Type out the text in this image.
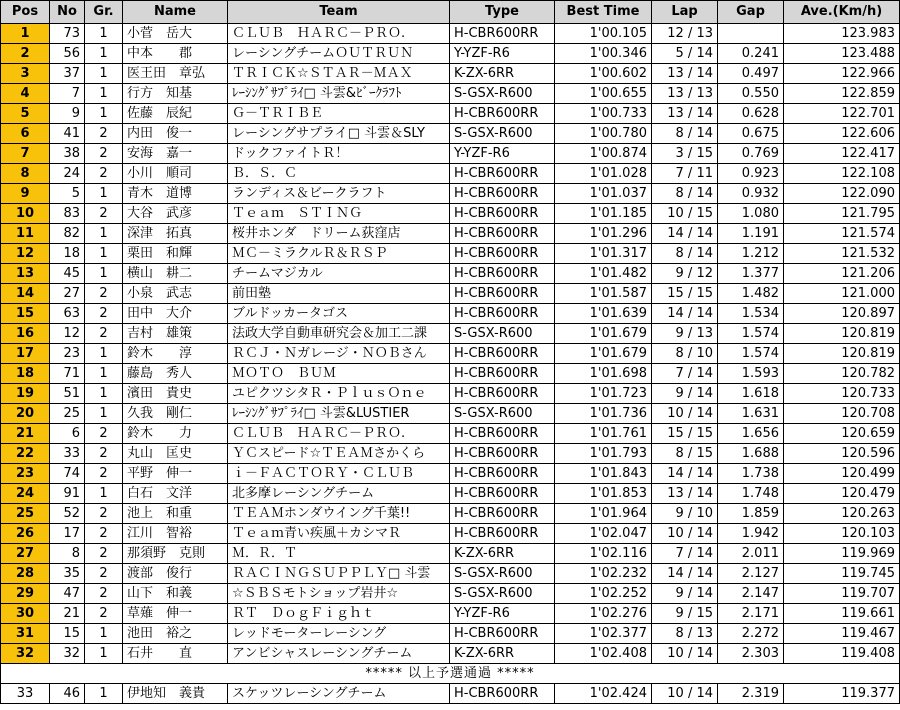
Pos	No	Gr.	Name	Team	Type	Best Time	Lap	Gap	Ave.(Km/h)
1	73	1	小菅　岳大	ＣＬＵＢ　ＨＡＲＣ－ＰＲＯ.	H-CBR600RR	1'00.105	12 / 13		123.983
2	56	1	中本　　郡	レーシングチームＯＵＴＲＵＮ	Y-YZF-R6	1'00.346	5 / 14	0.241	123.488
3	37	1	医王田　章弘	ＴＲＩＣＫ☆ＳＴＡＲ－ＭＡＸ	K-ZX-6RR	1'00.602	13 / 14	0.497	122.966
4	7	1	行方　知基	ﾚｰｼﾝｸﾞｻﾌﾟﾗｲ□ 斗雲&ﾋﾞｰｸﾗﾌﾄ	S-GSX-R600	1'00.655	13 / 13	0.550	122.859
5	9	1	佐藤　辰紀	Ｇ－ＴＲＩＢＥ	H-CBR600RR	1'00.733	13 / 14	0.628	122.701
6	41	2	内田　俊一	レーシングサプライ□ 斗雲＆SLY	S-GSX-R600	1'00.780	8 / 14	0.675	122.606
7	38	2	安海　嘉一	ドックファイトＲ！	Y-YZF-R6	1'00.874	3 / 15	0.769	122.417
8	24	2	小川　順司	Ｂ．Ｓ．Ｃ	H-CBR600RR	1'01.028	7 / 11	0.923	122.108
9	5	1	青木　道博	ランディス＆ビークラフト	H-CBR600RR	1'01.037	8 / 14	0.932	122.090
10	83	2	大谷　武彦	Ｔｅａｍ　ＳＴＩＮＧ	H-CBR600RR	1'01.185	10 / 15	1.080	121.795
11	82	1	深津　拓真	桜井ホンダ　ドリーム荻窪店	H-CBR600RR	1'01.296	14 / 14	1.191	121.574
12	18	1	栗田　和輝	ＭＣ－ミラクルＲ＆ＲＳＰ	H-CBR600RR	1'01.317	8 / 14	1.212	121.532
13	45	1	横山　耕二	チームマジカル	H-CBR600RR	1'01.482	9 / 12	1.377	121.206
14	27	2	小泉　武志	前田塾	H-CBR600RR	1'01.587	15 / 15	1.482	121.000
15	63	2	田中　大介	ブルドッカータゴス	H-CBR600RR	1'01.639	14 / 14	1.534	120.897
16	12	2	吉村　雄策	法政大学自動車研究会＆加工二課	S-GSX-R600	1'01.679	9 / 13	1.574	120.819
17	23	1	鈴木　　淳	ＲＣＪ・Ｎガレージ・ＮＯＢさん	H-CBR600RR	1'01.679	8 / 10	1.574	120.819
18	71	1	藤島　秀人	ＭＯＴＯ　ＢＵＭ	H-CBR600RR	1'01.698	7 / 14	1.593	120.782
19	51	1	濱田　貴史	ユピクツシタＲ・ＰｌｕｓＯｎｅ	H-CBR600RR	1'01.723	9 / 14	1.618	120.733
20	25	1	久我　剛仁	ﾚｰｼﾝｸﾞｻﾌﾟﾗｲ□ 斗雲&LUSTIER	S-GSX-R600	1'01.736	10 / 14	1.631	120.708
21	6	2	鈴木　　力	ＣＬＵＢ　ＨＡＲＣ－ＰＲＯ.	H-CBR600RR	1'01.761	15 / 15	1.656	120.659
22	33	2	丸山　匡史	ＹＣスピード☆ＴＥＡＭさかくら	H-CBR600RR	1'01.793	8 / 15	1.688	120.596
23	74	2	平野　伸一	ｉ－ＦＡＣＴＯＲＹ・ＣＬＵＢ	H-CBR600RR	1'01.843	14 / 14	1.738	120.499
24	91	1	白石　文洋	北多摩レーシングチーム	H-CBR600RR	1'01.853	13 / 14	1.748	120.479
25	52	2	池上　和重	ＴＥＡＭホンダウイング千葉!!	H-CBR600RR	1'01.964	9 / 10	1.859	120.263
26	17	2	江川　智裕	Ｔｅａｍ青い疾風＋カシマＲ	H-CBR600RR	1'02.047	10 / 14	1.942	120.103
27	8	2	那須野　克則	Ｍ．Ｒ．Ｔ	K-ZX-6RR	1'02.116	7 / 14	2.011	119.969
28	35	2	渡部　俊行	ＲＡＣＩＮＧＳＵＰＰＬＹ□ 斗雲	S-GSX-R600	1'02.232	14 / 14	2.127	119.745
29	47	2	山下　和義	☆ＳＢＳモトショップ岩井☆	S-GSX-R600	1'02.252	9 / 14	2.147	119.707
30	21	2	草薙　伸一	ＲＴ　ＤｏｇＦｉｇｈｔ	Y-YZF-R6	1'02.276	9 / 15	2.171	119.661
31	15	1	池田　裕之	レッドモーターレーシング	H-CBR600RR	1'02.377	8 / 13	2.272	119.467
32	32	1	石井　　直	アンビシャスレーシングチーム	K-ZX-6RR	1'02.408	10 / 14	2.303	119.408
***** 以上予選通過 *****									
33	46	1	伊地知　義貴	スケッツレーシングチーム	H-CBR600RR	1'02.424	10 / 14	2.319	119.377
